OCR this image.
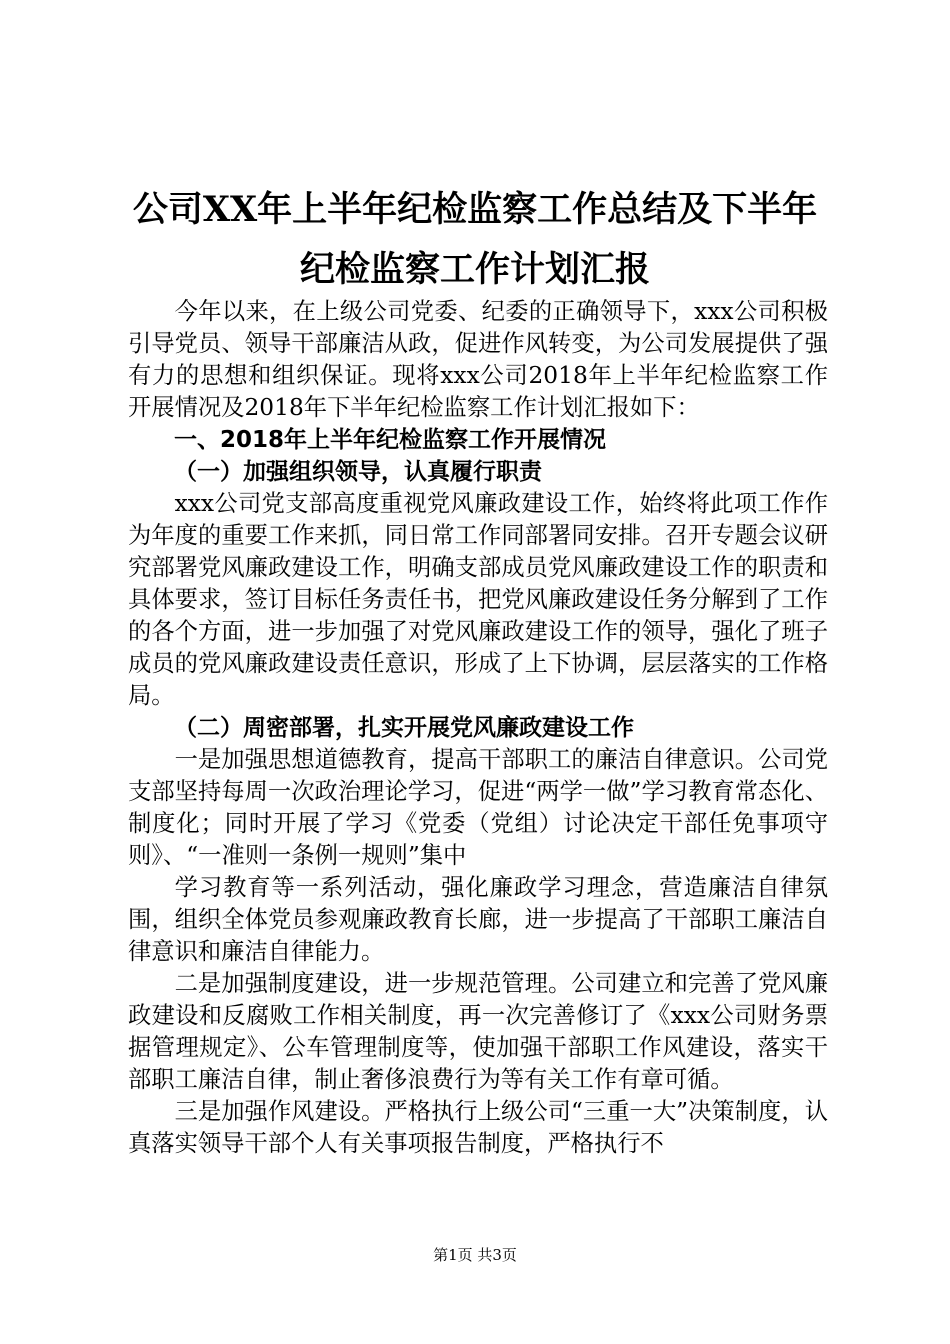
公司XX年上半年纪检监察工作总结及下半年
纪检监察工作计划汇报

今年以来，在上级公司党委、纪委的正确领导下，xxx公司积极引导党员、领导干部廉洁从政，促进作风转变，为公司发展提供了强有力的思想和组织保证。现将xxx公司2018年上半年纪检监察工作开展情况及2018年下半年纪检监察工作计划汇报如下：

一、2018年上半年纪检监察工作开展情况

（一）加强组织领导，认真履行职责

xxx公司党支部高度重视党风廉政建设工作，始终将此项工作作为年度的重要工作来抓，同日常工作同部署同安排。召开专题会议研究部署党风廉政建设工作，明确支部成员党风廉政建设工作的职责和具体要求，签订目标任务责任书，把党风廉政建设任务分解到了工作的各个方面，进一步加强了对党风廉政建设工作的领导，强化了班子成员的党风廉政建设责任意识，形成了上下协调，层层落实的工作格局。

（二）周密部署，扎实开展党风廉政建设工作

一是加强思想道德教育，提高干部职工的廉洁自律意识。公司党支部坚持每周一次政治理论学习，促进“两学一做”学习教育常态化、制度化；同时开展了学习《党委（党组）讨论决定干部任免事项守则》、“一准则一条例一规则”集中

学习教育等一系列活动，强化廉政学习理念，营造廉洁自律氛围，组织全体党员参观廉政教育长廊，进一步提高了干部职工廉洁自律意识和廉洁自律能力。

二是加强制度建设，进一步规范管理。公司建立和完善了党风廉政建设和反腐败工作相关制度，再一次完善修订了《xxx公司财务票据管理规定》、公车管理制度等，使加强干部职工作风建设，落实干部职工廉洁自律，制止奢侈浪费行为等有关工作有章可循。

三是加强作风建设。严格执行上级公司“三重一大”决策制度，认真落实领导干部个人有关事项报告制度，严格执行不

第1页 共3页
